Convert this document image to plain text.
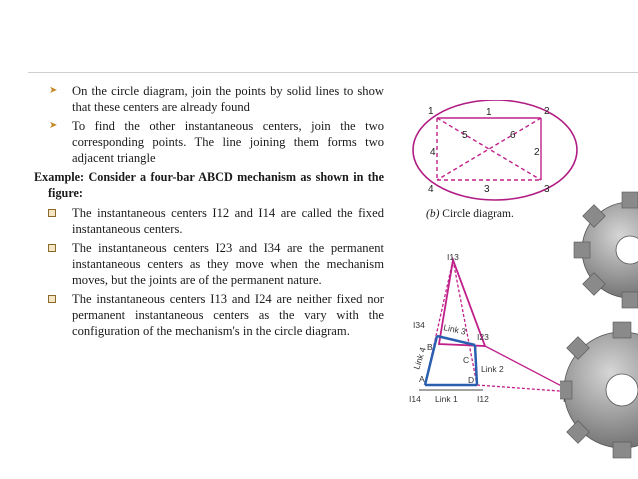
➤ On the circle diagram, join the points by solid lines to show that these centers are already found
➤ To find the other instantaneous centers, join the two corresponding points. The line joining them forms two adjacent triangle
Example: Consider a four-bar ABCD mechanism as shown in the figure:
The instantaneous centers I12 and I14 are called the fixed instantaneous centers.
The instantaneous centers I23 and I34 are the permanent instantaneous centers as they move when the mechanism moves, but the joints are of the permanent nature.
The instantaneous centers I13 and I24 are neither fixed nor permanent instantaneous centers as the vary with the configuration of the mechanism's in the circle diagram.
1	2
3
4
1
2
3
4
5	6
(b) Circle diagram.
B
C
A	D
I13
I34
I23
I14	I12
Link 1
Link 2
Link 3
Link 4
